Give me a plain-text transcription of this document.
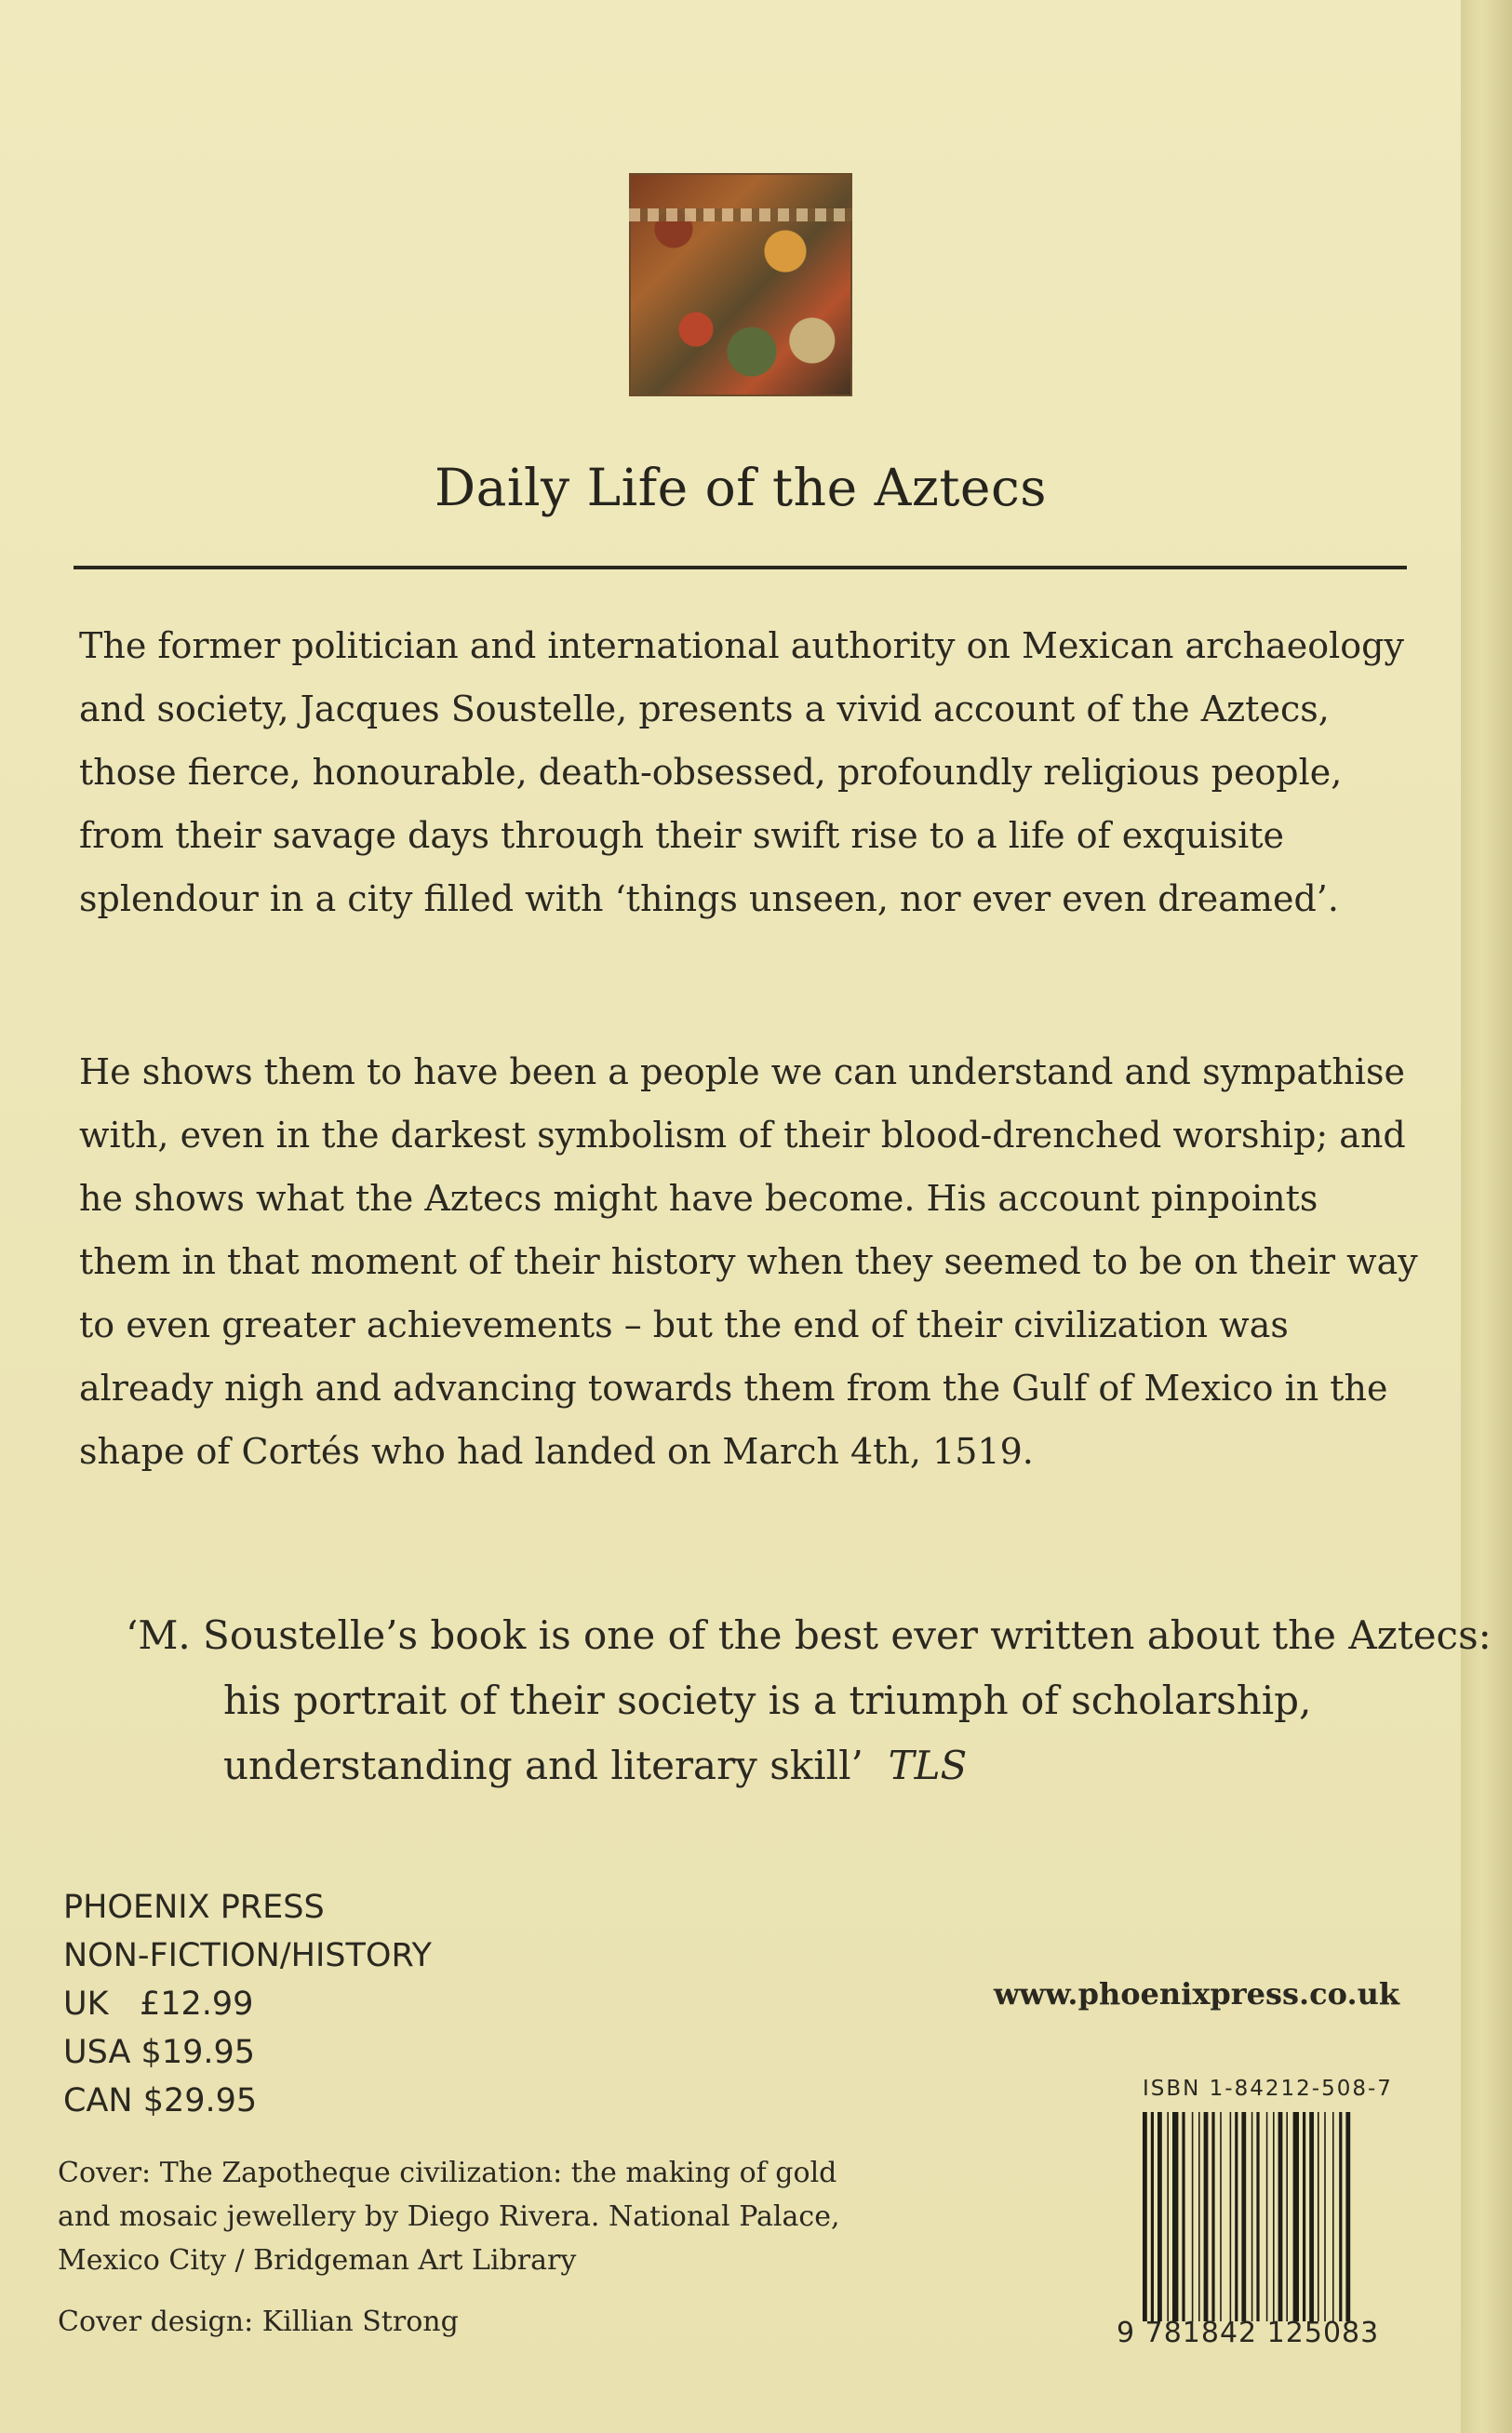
Daily Life of the Aztecs
The former politician and international authority on Mexican archaeology and society, Jacques Soustelle, presents a vivid account of the Aztecs, those fierce, honourable, death-obsessed, profoundly religious people, from their savage days through their swift rise to a life of exquisite splendour in a city filled with ‘things unseen, nor ever even dreamed’.
He shows them to have been a people we can understand and sympathise with, even in the darkest symbolism of their blood-drenched worship; and he shows what the Aztecs might have become. His account pinpoints them in that moment of their history when they seemed to be on their way to even greater achievements – but the end of their civilization was already nigh and advancing towards them from the Gulf of Mexico in the shape of Cortés who had landed on March 4th, 1519.
‘M. Soustelle’s book is one of the best ever written about the Aztecs: his portrait of their society is a triumph of scholarship, understanding and literary skill’ TLS
PHOENIX PRESS
NON-FICTION/HISTORY
UK   £12.99
USA $19.95
CAN $29.95
Cover: The Zapotheque civilization: the making of gold and mosaic jewellery by Diego Rivera. National Palace, Mexico City / Bridgeman Art Library
Cover design: Killian Strong
www.phoenixpress.co.uk
ISBN 1-84212-508-7
9 781842 125083
